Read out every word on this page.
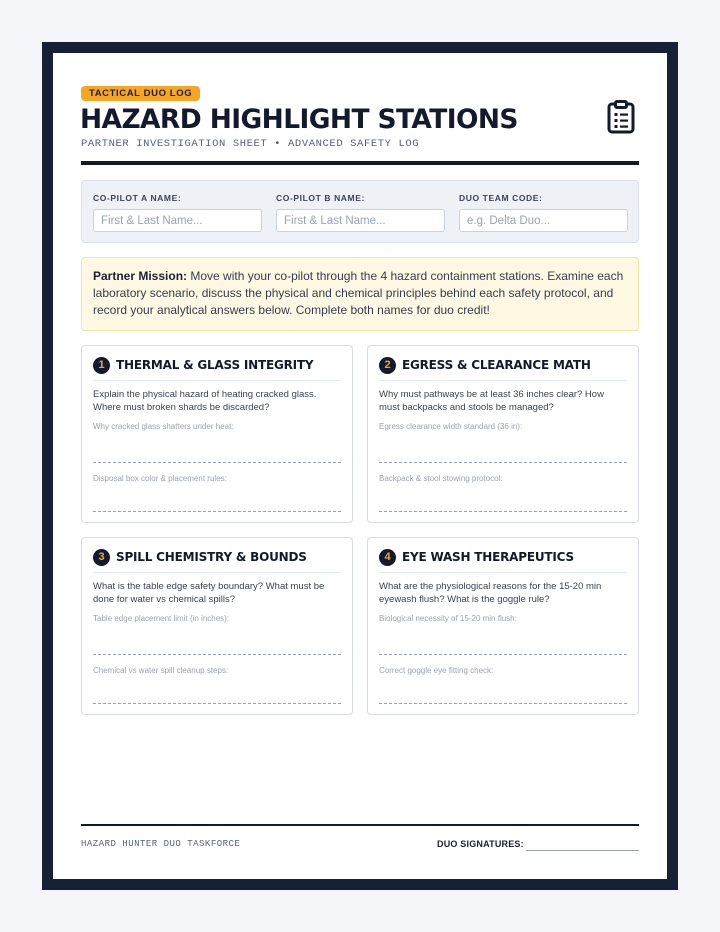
TACTICAL DUO LOG
HAZARD HIGHLIGHT STATIONS
PARTNER INVESTIGATION SHEET • ADVANCED SAFETY LOG
CO-PILOT A NAME:
First & Last Name...	CO-PILOT B NAME:
First & Last Name...	DUO TEAM CODE:
e.g. Delta Duo...
Partner Mission: Move with your co-pilot through the 4 hazard containment stations. Examine each laboratory scenario, discuss the physical and chemical principles behind each safety protocol, and record your analytical answers below. Complete both names for duo credit!
1 THERMAL & GLASS INTEGRITY
Explain the physical hazard of heating cracked glass. Where must broken shards be discarded?
Why cracked glass shatters under heat:
Disposal box color & placement rules:
2 EGRESS & CLEARANCE MATH
Why must pathways be at least 36 inches clear? How must backpacks and stools be managed?
Egress clearance width standard (36 in):
Backpack & stool stowing protocol:
3 SPILL CHEMISTRY & BOUNDS
What is the table edge safety boundary? What must be done for water vs chemical spills?
Table edge placement limit (in inches):
Chemical vs water spill cleanup steps:
4 EYE WASH THERAPEUTICS
What are the physiological reasons for the 15-20 min eyewash flush? What is the goggle rule?
Biological necessity of 15-20 min flush:
Correct goggle eye fitting check:
HAZARD HUNTER DUO TASKFORCE	DUO SIGNATURES:
